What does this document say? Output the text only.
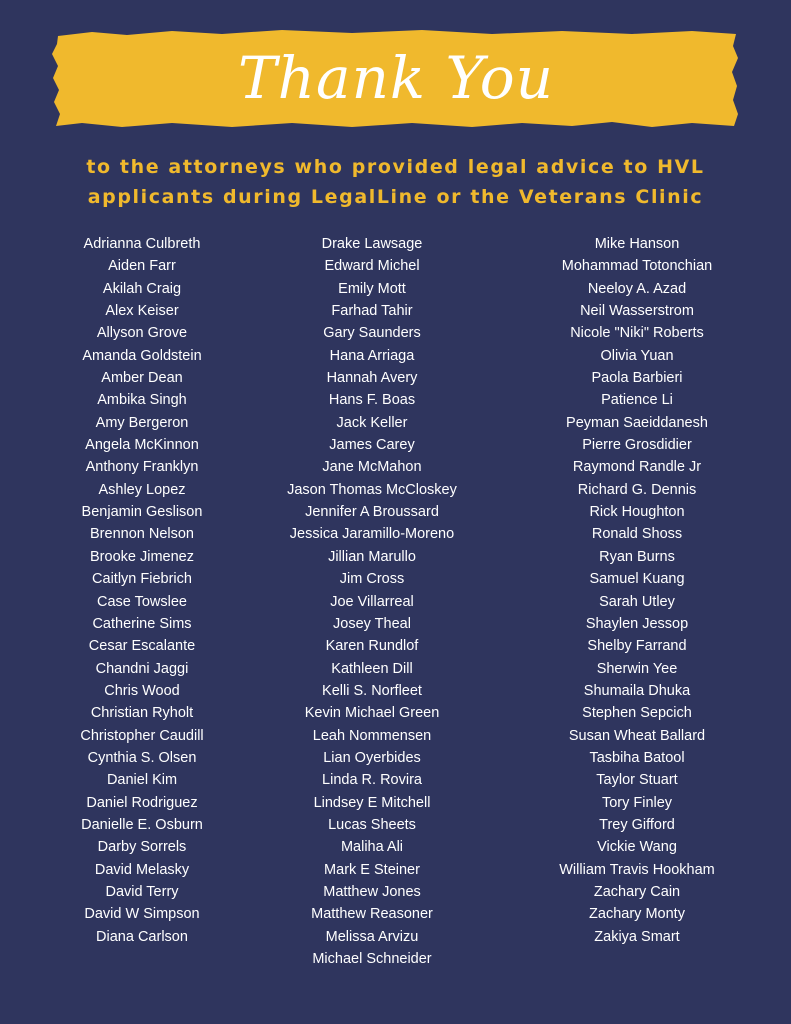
Thank You
to the attorneys who provided legal advice to HVL
applicants during LegalLine or the Veterans Clinic
Adrianna Culbreth
Aiden Farr
Akilah Craig
Alex Keiser
Allyson Grove
Amanda Goldstein
Amber Dean
Ambika Singh
Amy Bergeron
Angela McKinnon
Anthony Franklyn
Ashley Lopez
Benjamin Geslison
Brennon Nelson
Brooke Jimenez
Caitlyn Fiebrich
Case Towslee
Catherine Sims
Cesar Escalante
Chandni Jaggi
Chris Wood
Christian Ryholt
Christopher Caudill
Cynthia S. Olsen
Daniel Kim
Daniel Rodriguez
Danielle E. Osburn
Darby Sorrels
David Melasky
David Terry
David W Simpson
Diana Carlson
Drake Lawsage
Edward Michel
Emily Mott
Farhad Tahir
Gary Saunders
Hana Arriaga
Hannah Avery
Hans F. Boas
Jack Keller
James Carey
Jane McMahon
Jason Thomas McCloskey
Jennifer A Broussard
Jessica Jaramillo-Moreno
Jillian Marullo
Jim Cross
Joe Villarreal
Josey Theal
Karen Rundlof
Kathleen Dill
Kelli S. Norfleet
Kevin Michael Green
Leah Nommensen
Lian Oyerbides
Linda R. Rovira
Lindsey E Mitchell
Lucas Sheets
Maliha Ali
Mark E Steiner
Matthew Jones
Matthew Reasoner
Melissa Arvizu
Michael Schneider
Mike Hanson
Mohammad Totonchian
Neeloy A. Azad
Neil Wasserstrom
Nicole "Niki" Roberts
Olivia Yuan
Paola Barbieri
Patience Li
Peyman Saeiddanesh
Pierre Grosdidier
Raymond Randle Jr
Richard G. Dennis
Rick Houghton
Ronald Shoss
Ryan Burns
Samuel Kuang
Sarah Utley
Shaylen Jessop
Shelby Farrand
Sherwin Yee
Shumaila Dhuka
Stephen Sepcich
Susan Wheat Ballard
Tasbiha Batool
Taylor Stuart
Tory Finley
Trey Gifford
Vickie Wang
William Travis Hookham
Zachary Cain
Zachary Monty
Zakiya Smart
